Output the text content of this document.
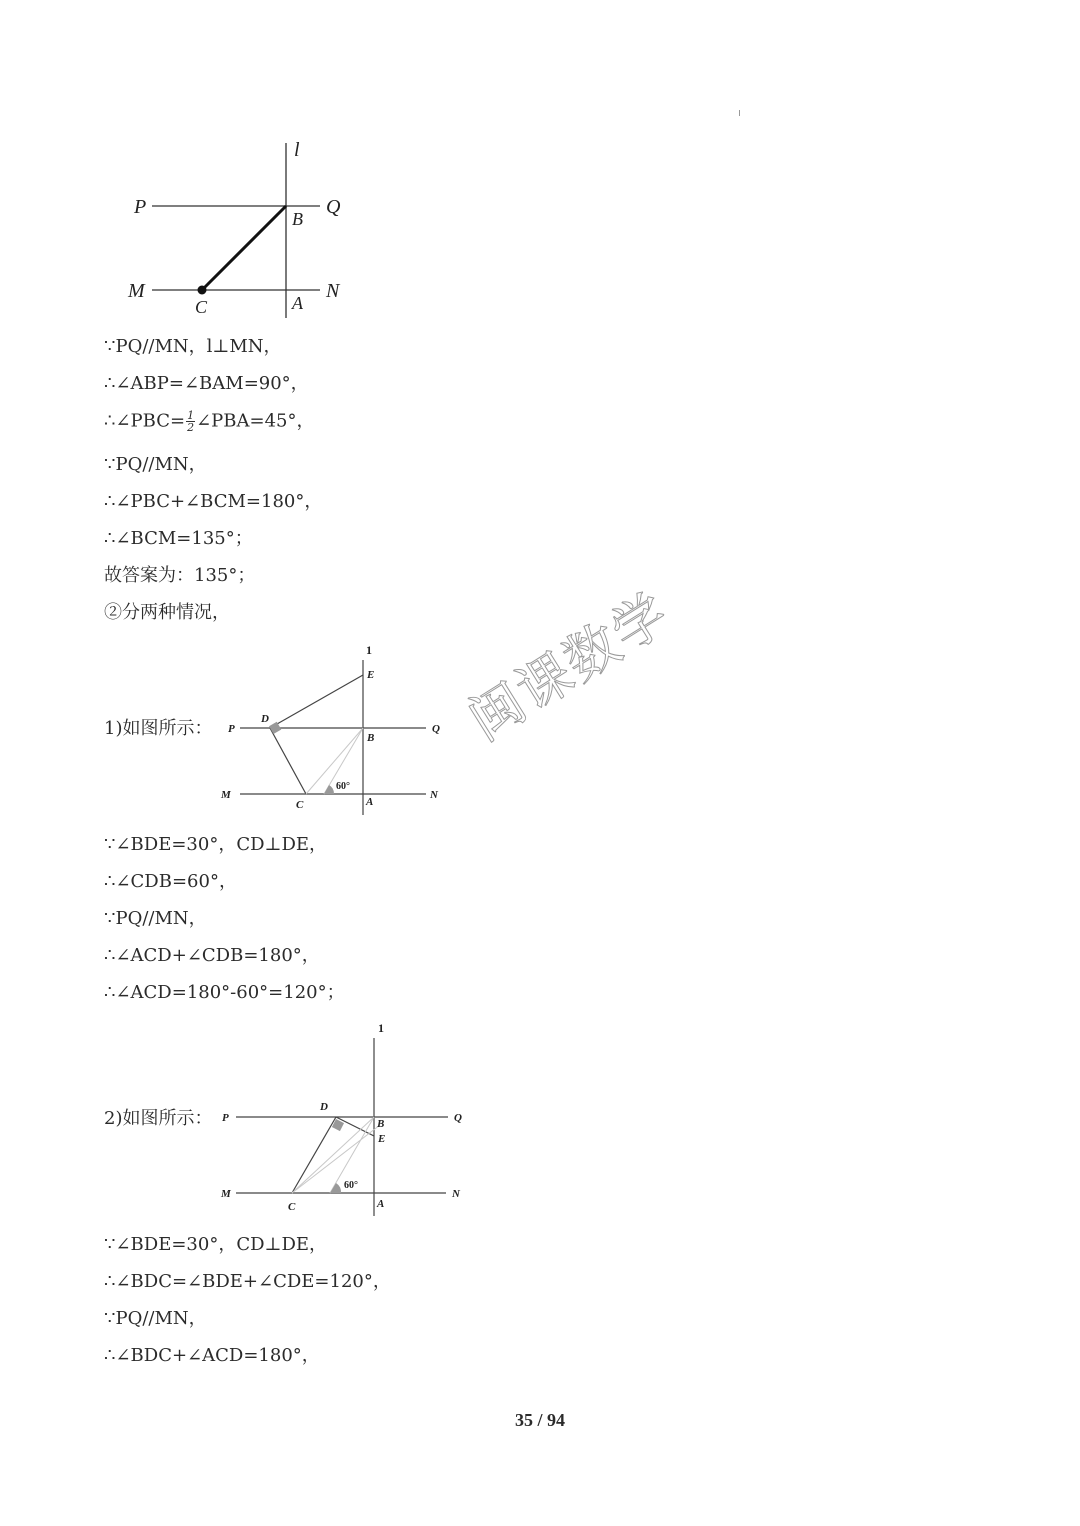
l
P	Q
B
M	N
C	A
∵PQ//MN，l⊥MN，
∴∠ABP=∠BAM=90°，
∴∠PBC= $\frac{1}{2}$ ∠PBA=45°，
∵PQ//MN，
∴∠PBC+∠BCM=180°，
∴∠BCM=135°；
故答案为：135°；
②分两种情况，
1)如图所示：
1
E
D
P	Q
B
60°
M	N
C	A
闽课数学
∵∠BDE=30°，CD⊥DE，
∴∠CDB=60°，
∵PQ//MN，
∴∠ACD+∠CDB=180°，
∴∠ACD=180°-60°=120°；
2)如图所示：
1
D
P	Q
B
E
60°
M	N
C	A
∵∠BDE=30°，CD⊥DE，
∴∠BDC=∠BDE+∠CDE=120°，
∵PQ//MN，
∴∠BDC+∠ACD=180°，
35 / 94
